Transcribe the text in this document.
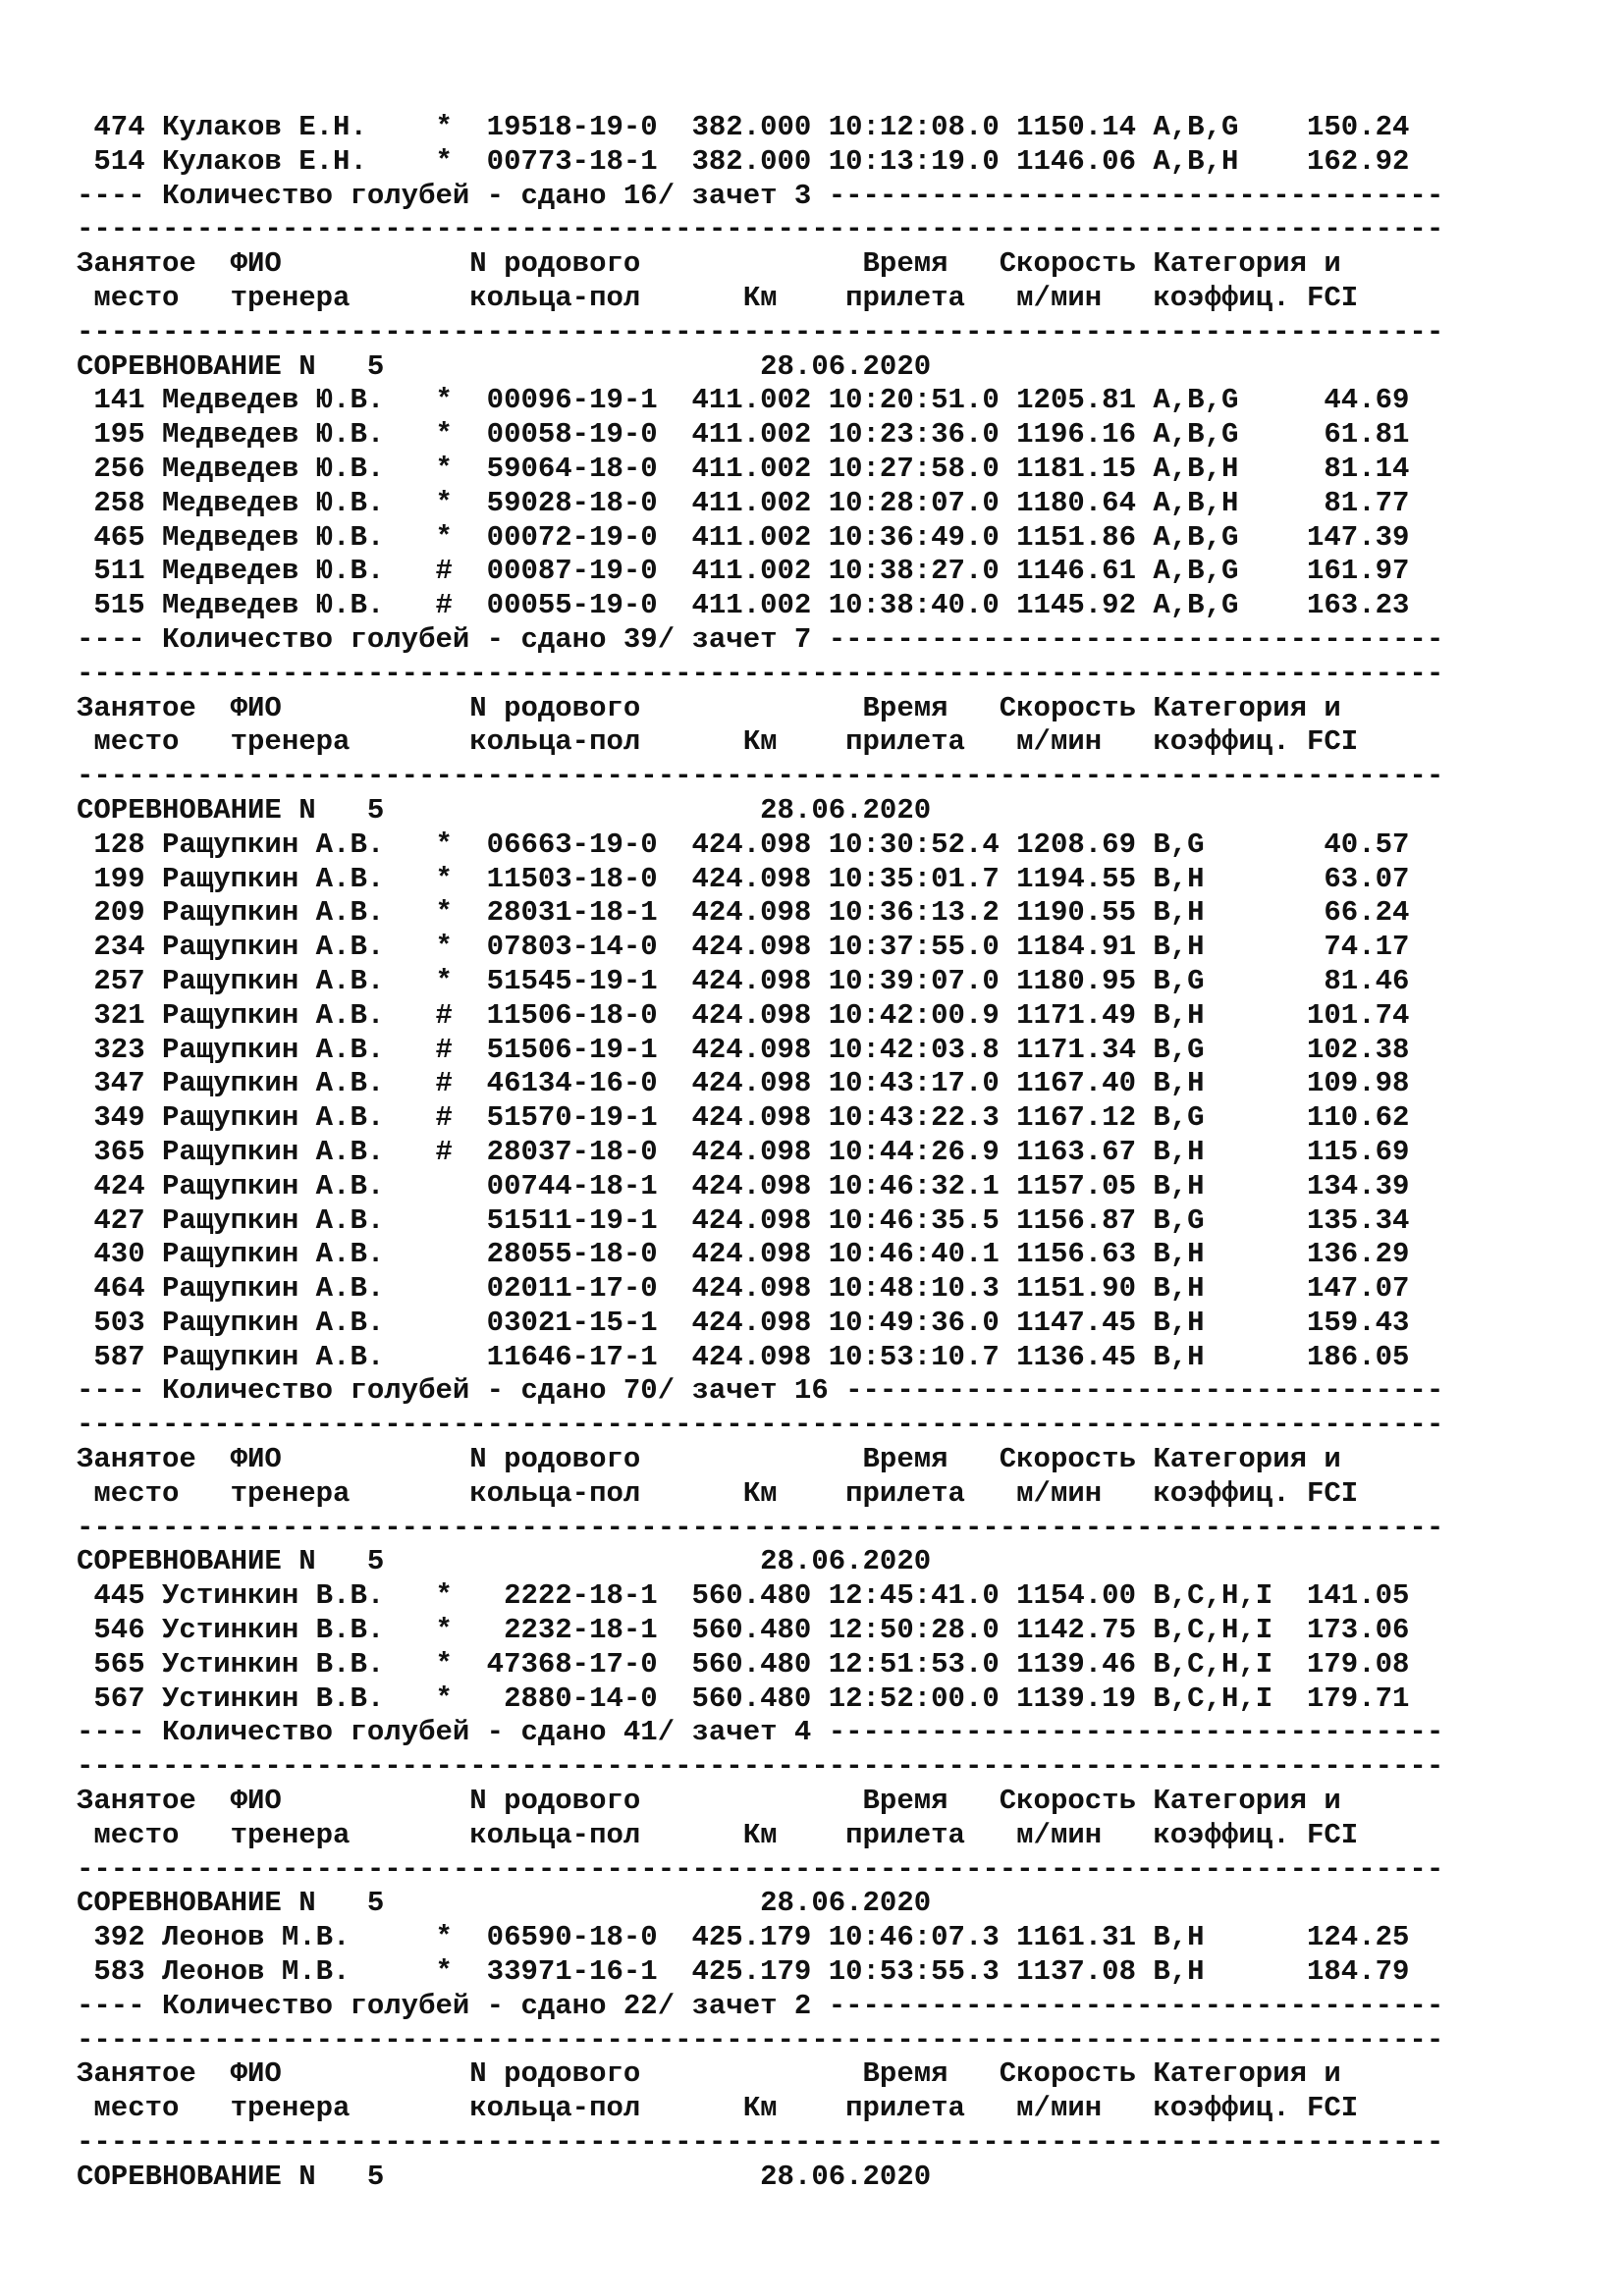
474 Кулаков Е.Н.    *  19518-19-0  382.000 10:12:08.0 1150.14 A,B,G    150.24
514 Кулаков Е.Н.    *  00773-18-1  382.000 10:13:19.0 1146.06 A,B,H    162.92
---- Количество голубей - сдано 16/ зачет 3 ------------------------------------
--------------------------------------------------------------------------------
Занятое  ФИО           N родового             Время   Скорость Категория и
место   тренера       кольца-пол      Км    прилета   м/мин   коэффиц. FCI
--------------------------------------------------------------------------------
СОРЕВНОВАНИЕ N   5                      28.06.2020
141 Медведев Ю.В.   *  00096-19-1  411.002 10:20:51.0 1205.81 A,B,G     44.69
195 Медведев Ю.В.   *  00058-19-0  411.002 10:23:36.0 1196.16 A,B,G     61.81
256 Медведев Ю.В.   *  59064-18-0  411.002 10:27:58.0 1181.15 A,B,H     81.14
258 Медведев Ю.В.   *  59028-18-0  411.002 10:28:07.0 1180.64 A,B,H     81.77
465 Медведев Ю.В.   *  00072-19-0  411.002 10:36:49.0 1151.86 A,B,G    147.39
511 Медведев Ю.В.   #  00087-19-0  411.002 10:38:27.0 1146.61 A,B,G    161.97
515 Медведев Ю.В.   #  00055-19-0  411.002 10:38:40.0 1145.92 A,B,G    163.23
---- Количество голубей - сдано 39/ зачет 7 ------------------------------------
--------------------------------------------------------------------------------
Занятое  ФИО           N родового             Время   Скорость Категория и
место   тренера       кольца-пол      Км    прилета   м/мин   коэффиц. FCI
--------------------------------------------------------------------------------
СОРЕВНОВАНИЕ N   5                      28.06.2020
128 Ращупкин А.В.   *  06663-19-0  424.098 10:30:52.4 1208.69 B,G       40.57
199 Ращупкин А.В.   *  11503-18-0  424.098 10:35:01.7 1194.55 B,H       63.07
209 Ращупкин А.В.   *  28031-18-1  424.098 10:36:13.2 1190.55 B,H       66.24
234 Ращупкин А.В.   *  07803-14-0  424.098 10:37:55.0 1184.91 B,H       74.17
257 Ращупкин А.В.   *  51545-19-1  424.098 10:39:07.0 1180.95 B,G       81.46
321 Ращупкин А.В.   #  11506-18-0  424.098 10:42:00.9 1171.49 B,H      101.74
323 Ращупкин А.В.   #  51506-19-1  424.098 10:42:03.8 1171.34 B,G      102.38
347 Ращупкин А.В.   #  46134-16-0  424.098 10:43:17.0 1167.40 B,H      109.98
349 Ращупкин А.В.   #  51570-19-1  424.098 10:43:22.3 1167.12 B,G      110.62
365 Ращупкин А.В.   #  28037-18-0  424.098 10:44:26.9 1163.67 B,H      115.69
424 Ращупкин А.В.      00744-18-1  424.098 10:46:32.1 1157.05 B,H      134.39
427 Ращупкин А.В.      51511-19-1  424.098 10:46:35.5 1156.87 B,G      135.34
430 Ращупкин А.В.      28055-18-0  424.098 10:46:40.1 1156.63 B,H      136.29
464 Ращупкин А.В.      02011-17-0  424.098 10:48:10.3 1151.90 B,H      147.07
503 Ращупкин А.В.      03021-15-1  424.098 10:49:36.0 1147.45 B,H      159.43
587 Ращупкин А.В.      11646-17-1  424.098 10:53:10.7 1136.45 B,H      186.05
---- Количество голубей - сдано 70/ зачет 16 -----------------------------------
--------------------------------------------------------------------------------
Занятое  ФИО           N родового             Время   Скорость Категория и
место   тренера       кольца-пол      Км    прилета   м/мин   коэффиц. FCI
--------------------------------------------------------------------------------
СОРЕВНОВАНИЕ N   5                      28.06.2020
445 Устинкин В.В.   *   2222-18-1  560.480 12:45:41.0 1154.00 B,C,H,I  141.05
546 Устинкин В.В.   *   2232-18-1  560.480 12:50:28.0 1142.75 B,C,H,I  173.06
565 Устинкин В.В.   *  47368-17-0  560.480 12:51:53.0 1139.46 B,C,H,I  179.08
567 Устинкин В.В.   *   2880-14-0  560.480 12:52:00.0 1139.19 B,C,H,I  179.71
---- Количество голубей - сдано 41/ зачет 4 ------------------------------------
--------------------------------------------------------------------------------
Занятое  ФИО           N родового             Время   Скорость Категория и
место   тренера       кольца-пол      Км    прилета   м/мин   коэффиц. FCI
--------------------------------------------------------------------------------
СОРЕВНОВАНИЕ N   5                      28.06.2020
392 Леонов М.В.     *  06590-18-0  425.179 10:46:07.3 1161.31 B,H      124.25
583 Леонов М.В.     *  33971-16-1  425.179 10:53:55.3 1137.08 B,H      184.79
---- Количество голубей - сдано 22/ зачет 2 ------------------------------------
--------------------------------------------------------------------------------
Занятое  ФИО           N родового             Время   Скорость Категория и
место   тренера       кольца-пол      Км    прилета   м/мин   коэффиц. FCI
--------------------------------------------------------------------------------
СОРЕВНОВАНИЕ N   5                      28.06.2020
